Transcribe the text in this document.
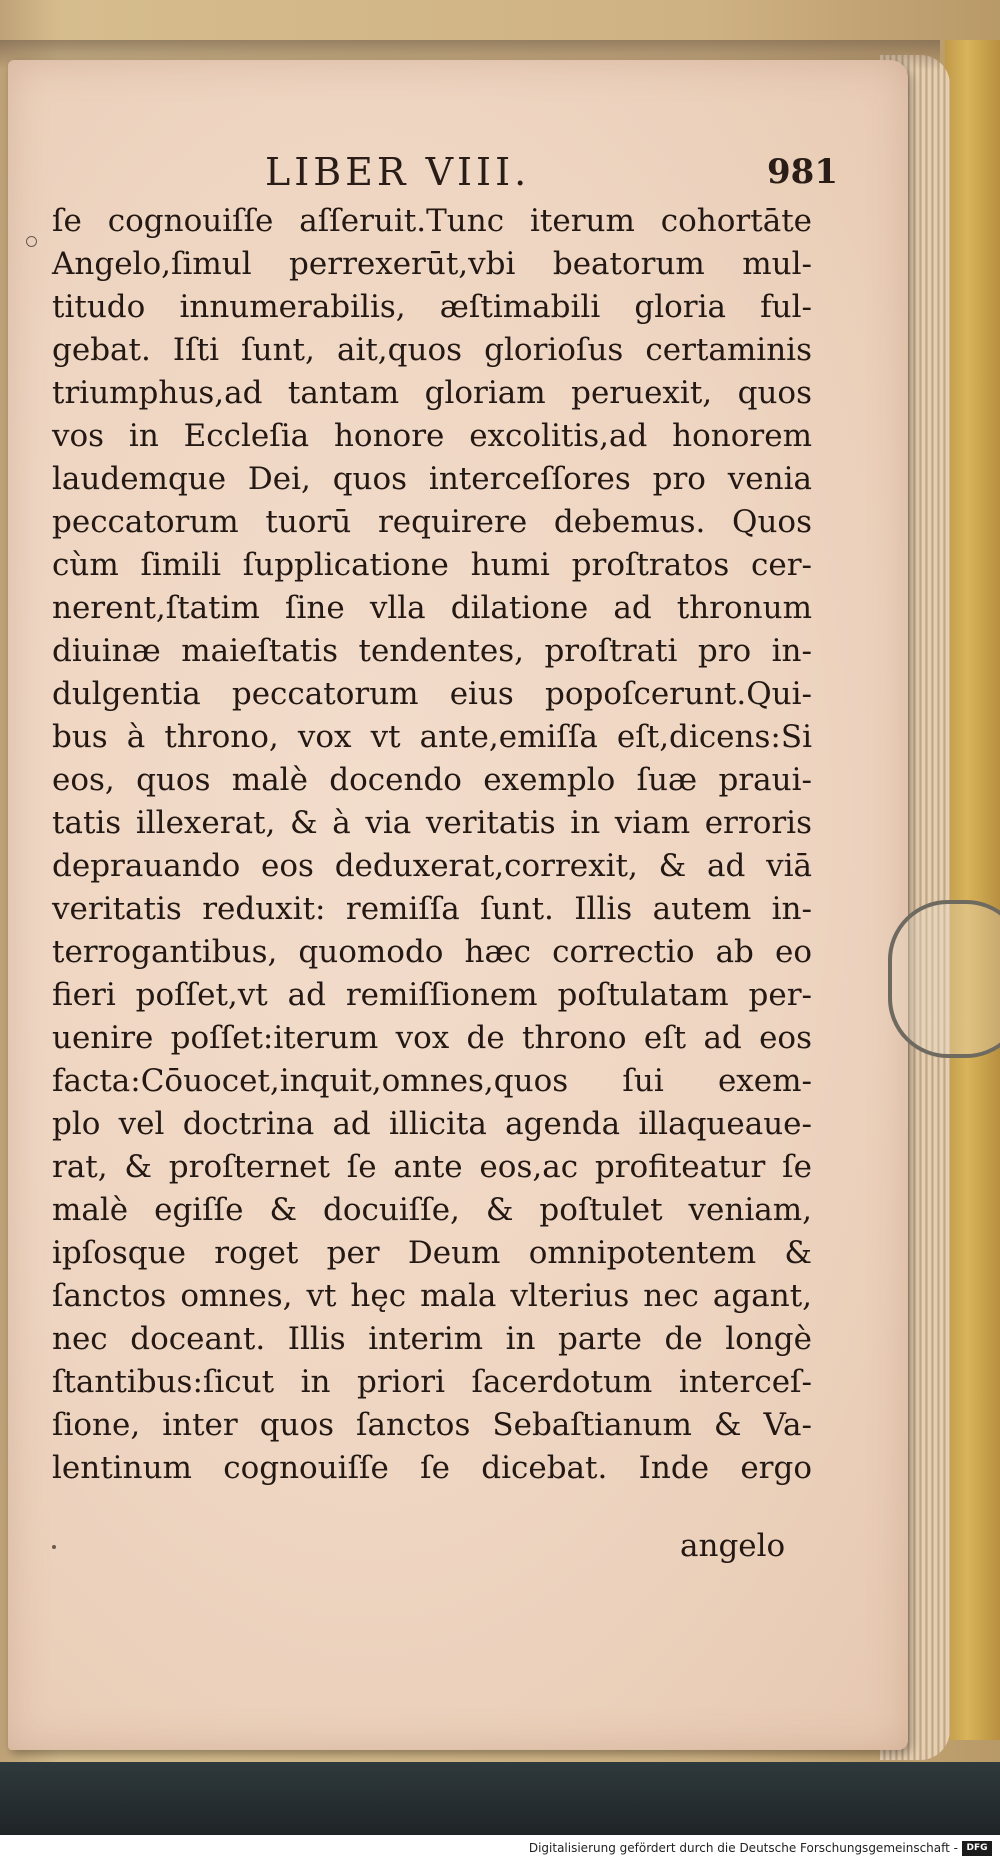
LIBER VIII.	981
ſe cognouiſſe aſſeruit.Tunc iterum cohortāte
Angelo,ſimul perrexerūt,vbi beatorum mul-
titudo innumerabilis, æſtimabili gloria ful-
gebat. Iſti ſunt, ait,quos glorioſus certaminis
triumphus,ad tantam gloriam peruexit, quos
vos in Eccleſia honore excolitis,ad honorem
laudemque Dei, quos interceſſores pro venia
peccatorum tuorū requirere debemus. Quos
cùm ſimili ſupplicatione humi proſtratos cer-
nerent,ſtatim ſine vlla dilatione ad thronum
diuinæ maieſtatis tendentes, proſtrati pro in-
dulgentia peccatorum eius popoſcerunt.Qui-
bus à throno, vox vt ante,emiſſa eſt,dicens:Si
eos, quos malè docendo exemplo ſuæ praui-
tatis illexerat, & à via veritatis in viam erroris
deprauando eos deduxerat,correxit, & ad viā
veritatis reduxit: remiſſa ſunt. Illis autem in-
terrogantibus, quomodo hæc correctio ab eo
fieri poſſet,vt ad remiſſionem poſtulatam per-
uenire poſſet:iterum vox de throno eſt ad eos
facta:Cōuocet,inquit,omnes,quos ſui exem-
plo vel doctrina ad illicita agenda illaqueaue-
rat, & proſternet ſe ante eos,ac profiteatur ſe
malè egiſſe & docuiſſe, & poſtulet veniam,
ipſosque roget per Deum omnipotentem &
ſanctos omnes, vt hęc mala vlterius nec agant,
nec doceant. Illis interim in parte de longè
ſtantibus:ſicut in priori ſacerdotum interceſ-
ſione, inter quos ſanctos Sebaſtianum & Va-
lentinum cognouiſſe ſe dicebat. Inde ergo
angelo
Digitalisierung gefördert durch die Deutsche Forschungsgemeinschaft - DFG
